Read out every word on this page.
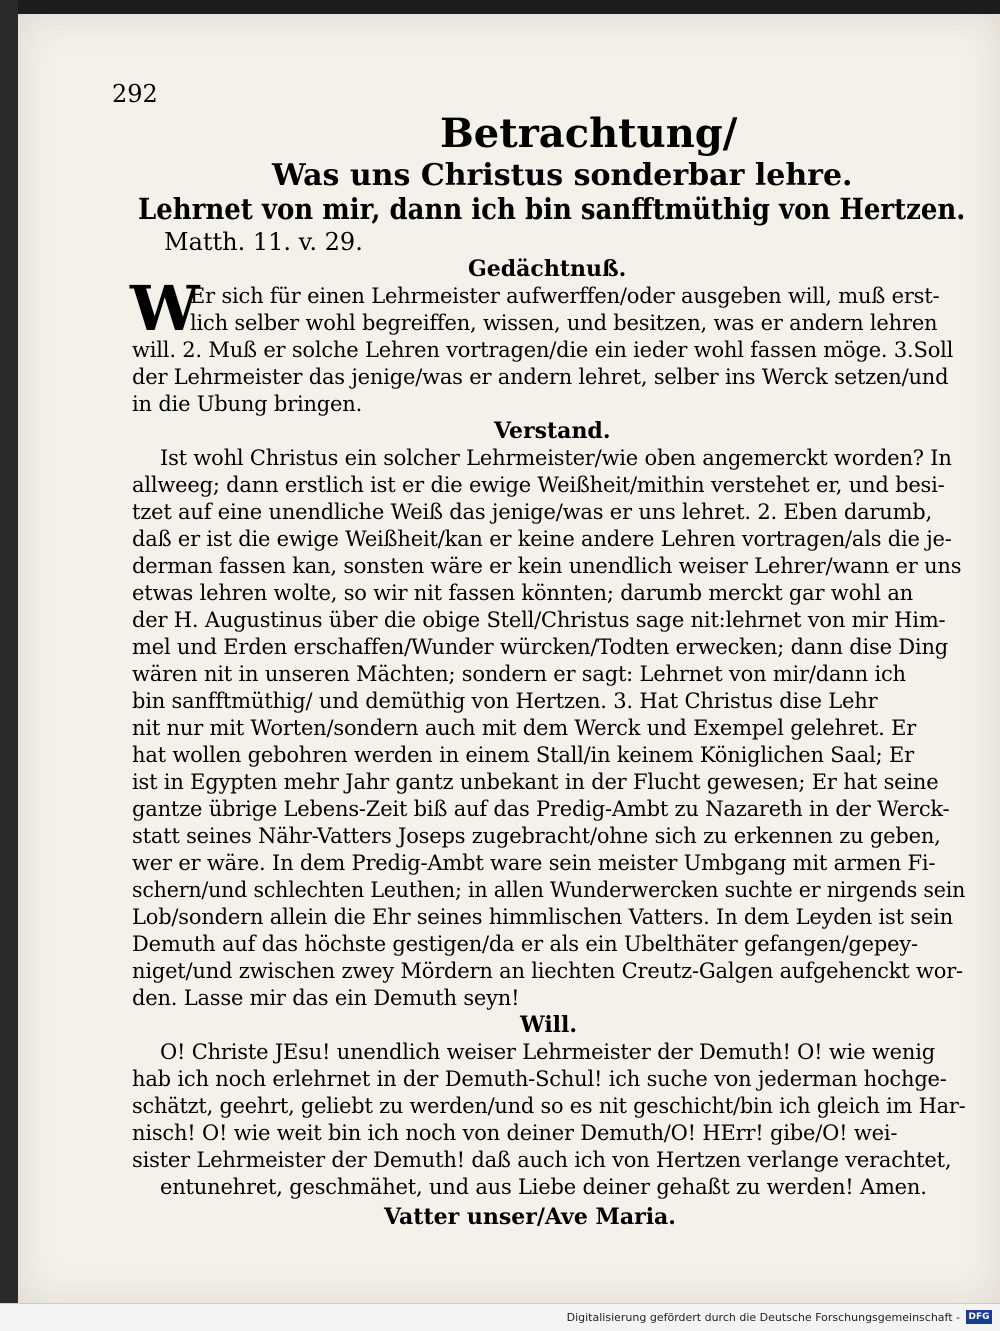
292
Betrachtung/
Was uns Christus sonderbar lehre.
Lehrnet von mir, dann ich bin sanfftmüthig von Hertzen.
Matth. 11. v. 29.
Gedächtnuß.
W
Er sich für einen Lehrmeister aufwerffen/oder ausgeben will, muß erst-
lich selber wohl begreiffen, wissen, und besitzen, was er andern lehren
will. 2. Muß er solche Lehren vortragen/die ein ieder wohl fassen möge. 3.Soll
der Lehrmeister das jenige/was er andern lehret, selber ins Werck setzen/und
in die Ubung bringen.
Verstand.
Ist wohl Christus ein solcher Lehrmeister/wie oben angemerckt worden? In
allweeg; dann erstlich ist er die ewige Weißheit/mithin verstehet er, und besi-
tzet auf eine unendliche Weiß das jenige/was er uns lehret. 2. Eben darumb,
daß er ist die ewige Weißheit/kan er keine andere Lehren vortragen/als die je-
derman fassen kan, sonsten wäre er kein unendlich weiser Lehrer/wann er uns
etwas lehren wolte, so wir nit fassen könnten; darumb merckt gar wohl an
der H. Augustinus über die obige Stell/Christus sage nit:lehrnet von mir Him-
mel und Erden erschaffen/Wunder würcken/Todten erwecken; dann dise Ding
wären nit in unseren Mächten; sondern er sagt: Lehrnet von mir/dann ich
bin sanfftmüthig/ und demüthig von Hertzen. 3. Hat Christus dise Lehr
nit nur mit Worten/sondern auch mit dem Werck und Exempel gelehret. Er
hat wollen gebohren werden in einem Stall/in keinem Königlichen Saal; Er
ist in Egypten mehr Jahr gantz unbekant in der Flucht gewesen; Er hat seine
gantze übrige Lebens-Zeit biß auf das Predig-Ambt zu Nazareth in der Werck-
statt seines Nähr-Vatters Joseps zugebracht/ohne sich zu erkennen zu geben,
wer er wäre. In dem Predig-Ambt ware sein meister Umbgang mit armen Fi-
schern/und schlechten Leuthen; in allen Wunderwercken suchte er nirgends sein
Lob/sondern allein die Ehr seines himmlischen Vatters. In dem Leyden ist sein
Demuth auf das höchste gestigen/da er als ein Ubelthäter gefangen/gepey-
niget/und zwischen zwey Mördern an liechten Creutz-Galgen aufgehenckt wor-
den. Lasse mir das ein Demuth seyn!
Will.
O! Christe JEsu! unendlich weiser Lehrmeister der Demuth! O! wie wenig
hab ich noch erlehrnet in der Demuth-Schul! ich suche von jederman hochge-
schätzt, geehrt, geliebt zu werden/und so es nit geschicht/bin ich gleich im Har-
nisch! O! wie weit bin ich noch von deiner Demuth/O! HErr! gibe/O! wei-
sister Lehrmeister der Demuth! daß auch ich von Hertzen verlange verachtet,
entunehret, geschmähet, und aus Liebe deiner gehaßt zu werden! Amen.
Vatter unser/Ave Maria.
Digitalisierung gefördert durch die Deutsche Forschungsgemeinschaft - DFG
